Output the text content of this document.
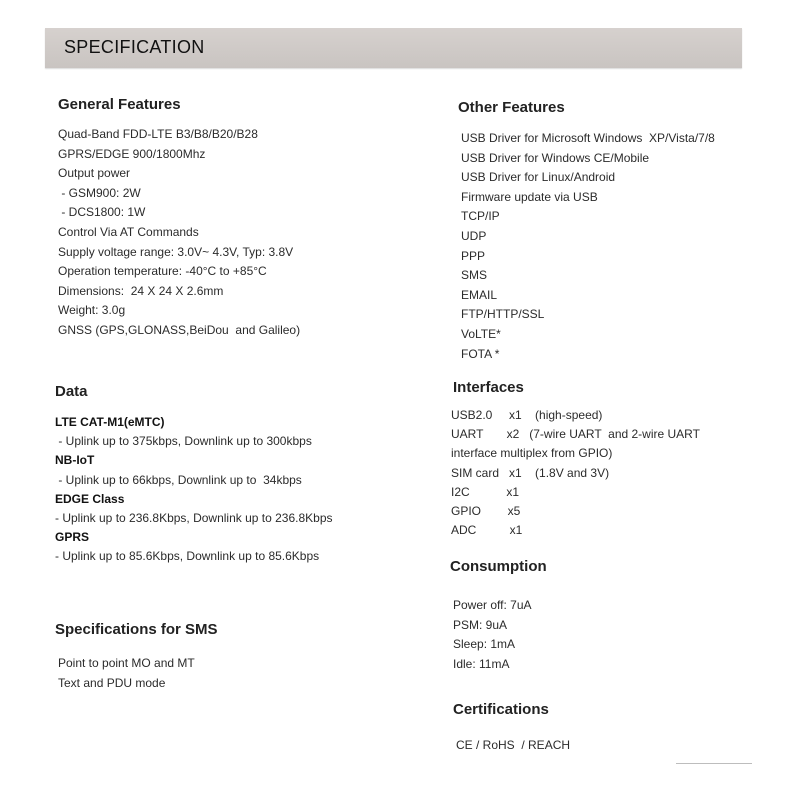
SPECIFICATION
General Features
Quad-Band FDD-LTE B3/B8/B20/B28
GPRS/EDGE 900/1800Mhz
Output power
- GSM900: 2W
- DCS1800: 1W
Control Via AT Commands
Supply voltage range: 3.0V~ 4.3V, Typ: 3.8V
Operation temperature: -40°C to +85°C
Dimensions:  24 X 24 X 2.6mm
Weight: 3.0g
GNSS (GPS,GLONASS,BeiDou  and Galileo)
Other Features
USB Driver for Microsoft Windows  XP/Vista/7/8
USB Driver for Windows CE/Mobile
USB Driver for Linux/Android
Firmware update via USB
TCP/IP
UDP
PPP
SMS
EMAIL
FTP/HTTP/SSL
VoLTE*
FOTA *
Data
LTE CAT-M1(eMTC)
- Uplink up to 375kbps, Downlink up to 300kbps
NB-IoT
- Uplink up to 66kbps, Downlink up to  34kbps
EDGE Class
- Uplink up to 236.8Kbps, Downlink up to 236.8Kbps
GPRS
- Uplink up to 85.6Kbps, Downlink up to 85.6Kbps
Interfaces
USB2.0     x1    (high-speed)
UART       x2   (7-wire UART  and 2-wire UART
interface multiplex from GPIO)
SIM card   x1    (1.8V and 3V)
I2C           x1
GPIO        x5
ADC          x1
Specifications for SMS
Point to point MO and MT
Text and PDU mode
Consumption
Power off: 7uA
PSM: 9uA
Sleep: 1mA
Idle: 11mA
Certifications
CE / RoHS  / REACH
